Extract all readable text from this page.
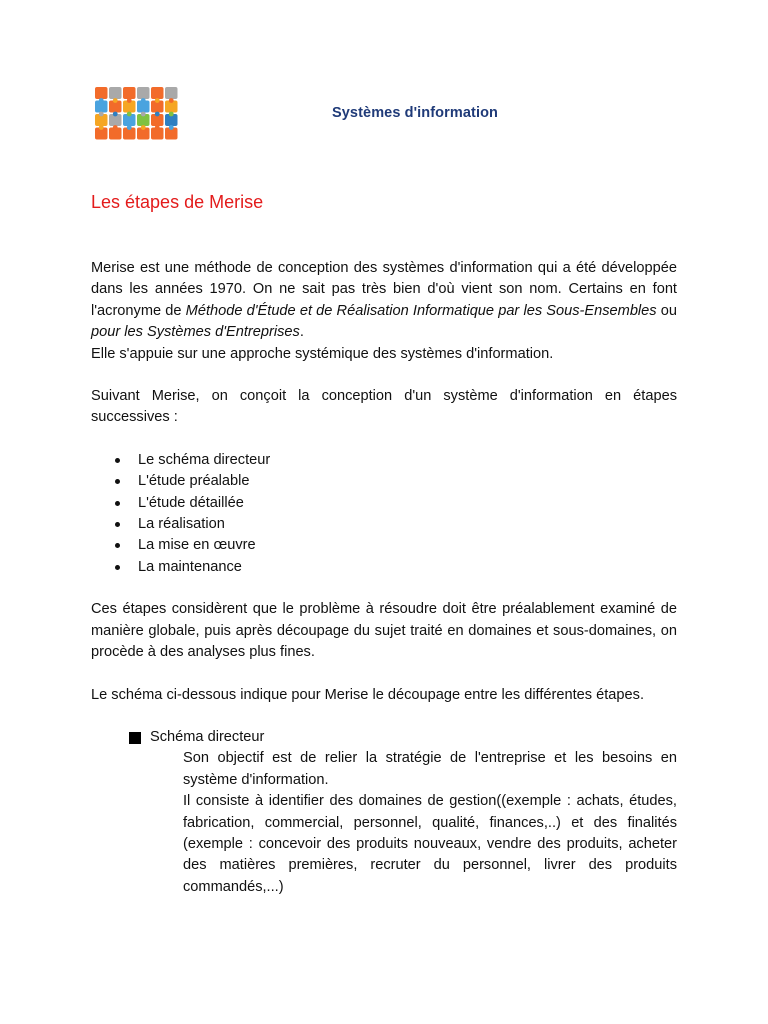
Systèmes d'information
Les étapes de Merise

Merise est une méthode de conception des systèmes d'information qui a été développée dans les années 1970. On ne sait pas très bien d'où vient son nom. Certains en font l'acronyme de Méthode d'Étude et de Réalisation Informatique par les Sous-Ensembles ou pour les Systèmes d'Entreprises.

Elle s'appuie sur une approche systémique des systèmes d'information.

Suivant Merise, on conçoit la conception d'un système d'information en étapes successives :

Le schéma directeur
L'étude préalable
L'étude détaillée
La réalisation
La mise en œuvre
La maintenance

Ces étapes considèrent que le problème à résoudre doit être préalablement examiné de manière globale, puis après découpage du sujet traité en domaines et sous-domaines, on procède à des analyses plus fines.

Le schéma ci-dessous indique pour Merise le découpage entre les différentes étapes.

Schéma directeur

Son objectif est de relier la stratégie de l'entreprise et les besoins en système d'information.

Il consiste à identifier des domaines de gestion((exemple : achats, études, fabrication, commercial, personnel, qualité, finances,..) et des finalités (exemple : concevoir des produits nouveaux, vendre des produits, acheter des matières premières, recruter du personnel, livrer des produits commandés,...)
